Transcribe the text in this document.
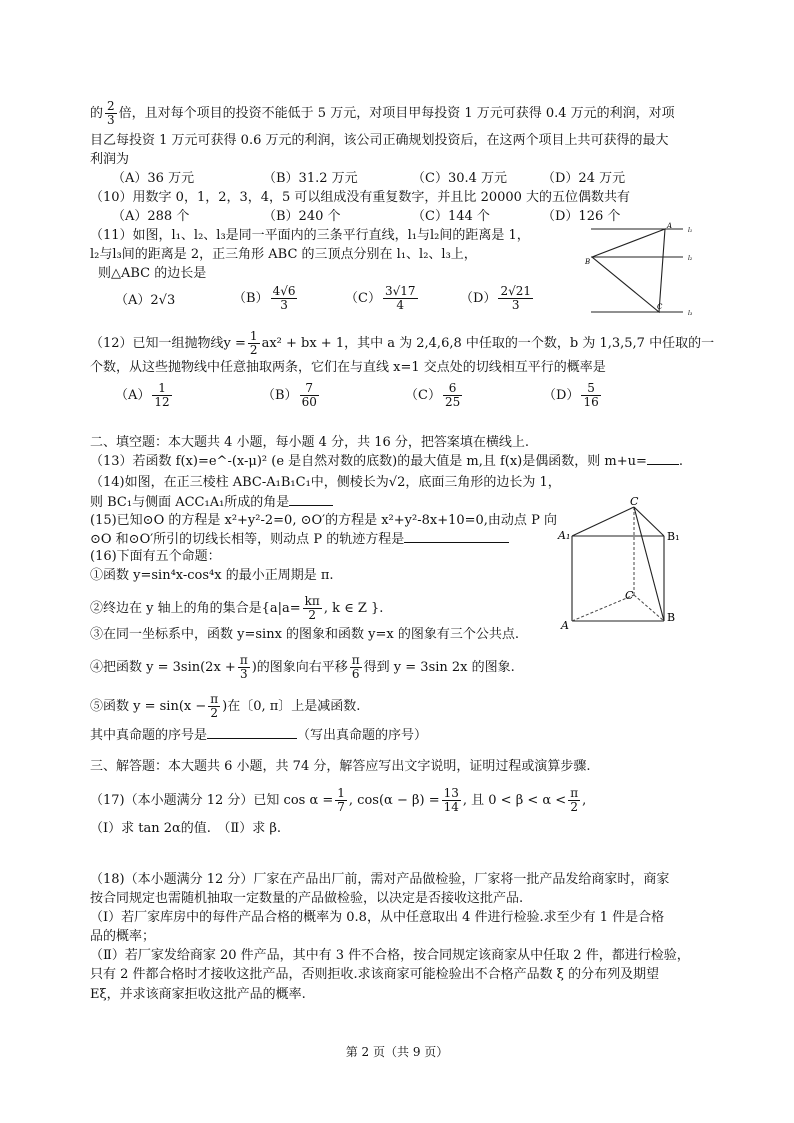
的 $\frac{2}{3}$ 倍，且对每个项目的投资不能低于 5 万元，对项目甲每投资 1 万元可获得 0.4 万元的利润，对项
目乙每投资 1 万元可获得 0.6 万元的利润，该公司正确规划投资后，在这两个项目上共可获得的最大
利润为
（A）36 万元	（B）31.2 万元	（C）30.4 万元	（D）24 万元
（10）用数字 0，1，2，3，4，5 可以组成没有重复数字，并且比 20000 大的五位偶数共有
（A）288 个	（B）240 个	（C）144 个	（D）126 个
（11）如图，l₁、l₂、l₃是同一平面内的三条平行直线，l₁与l₂间的距离是 1，
l₂与l₃间的距离是 2，正三角形 ABC 的三顶点分别在 l₁、l₂、l₃上，
则△ABC 的边长是
（A）2√3	$(B) \frac{4√6}{3}$	$(C) \frac{3√17}{4}$	$(D) \frac{2√21}{3}$
A
B
C
l₁
l₂
l₃
（12）已知一组抛物线$y = \frac{1}{2} ax^2$ + bx + 1，其中 a 为 2,4,6,8 中任取的一个数，b 为 1,3,5,7 中任取的一
个数，从这些抛物线中任意抽取两条，它们在与直线 x=1 交点处的切线相互平行的概率是
$(A) \frac{1}{12}$	$(B) \frac{7}{60}$	$(C) \frac{6}{25}$	$(D) \frac{5}{16}$
二、填空题：本大题共 4 小题，每小题 4 分，共 16 分，把答案填在横线上.
（13）若函数 f(x)=e^-(x-μ)² (e 是自然对数的底数)的最大值是 m,且 f(x)是偶函数，则 m+u= .
（14)如图，在正三棱柱 ABC-A₁B₁C₁中，侧棱长为√2，底面三角形的边长为 1，
则 BC₁与侧面 ACC₁A₁所成的角是
(15)已知⊙O 的方程是 x²+y²-2=0, ⊙O′的方程是 x²+y²-8x+10=0,由动点 P 向
⊙O 和⊙O′所引的切线长相等，则动点 P 的轨迹方程是
(16)下面有五个命题：
①函数 y=sin⁴x-cos⁴x 的最小正周期是 π.
②终边在 y 轴上的角的集合是{$a|a= \frac{k\pi}{2}$ , k ∈ Z }.
③在同一坐标系中，函数 y=sinx 的图象和函数 y=x 的图象有三个公共点.
④把函数 $y = 3\sin(2x + \frac{\pi}{3}$ )的图象向右平移 $\frac{\pi}{6}$ 得到 y = 3sin 2x 的图象.
⑤函数 $y = \sin(x - \frac{\pi}{2}$ )在〔0, π〕上是减函数.
其中真命题的序号是	（写出真命题的序号）
A₁	B₁
C
A
B
C
三、解答题：本大题共 6 小题，共 74 分，解答应写出文字说明，证明过程或演算步骤.
（17)（本小题满分 12 分）已知 $\cos \alpha = \frac{1}{7}$ , $\cos(\alpha - \beta) = \frac{13}{14}$ , 且 $0 < \beta < \alpha < \frac{\pi}{2}$ ,
（Ⅰ）求 tan 2α的值.　（Ⅱ）求 β.
（18)（本小题满分 12 分）厂家在产品出厂前，需对产品做检验，厂家将一批产品发给商家时，商家
按合同规定也需随机抽取一定数量的产品做检验，以决定是否接收这批产品.
（Ⅰ）若厂家库房中的每件产品合格的概率为 0.8，从中任意取出 4 件进行检验.求至少有 1 件是合格
品的概率；
（Ⅱ）若厂家发给商家 20 件产品，其中有 3 件不合格，按合同规定该商家从中任取 2 件，都进行检验，
只有 2 件都合格时才接收这批产品，否则拒收.求该商家可能检验出不合格产品数 ξ 的分布列及期望
Eξ，并求该商家拒收这批产品的概率.
第 2 页（共 9 页）
